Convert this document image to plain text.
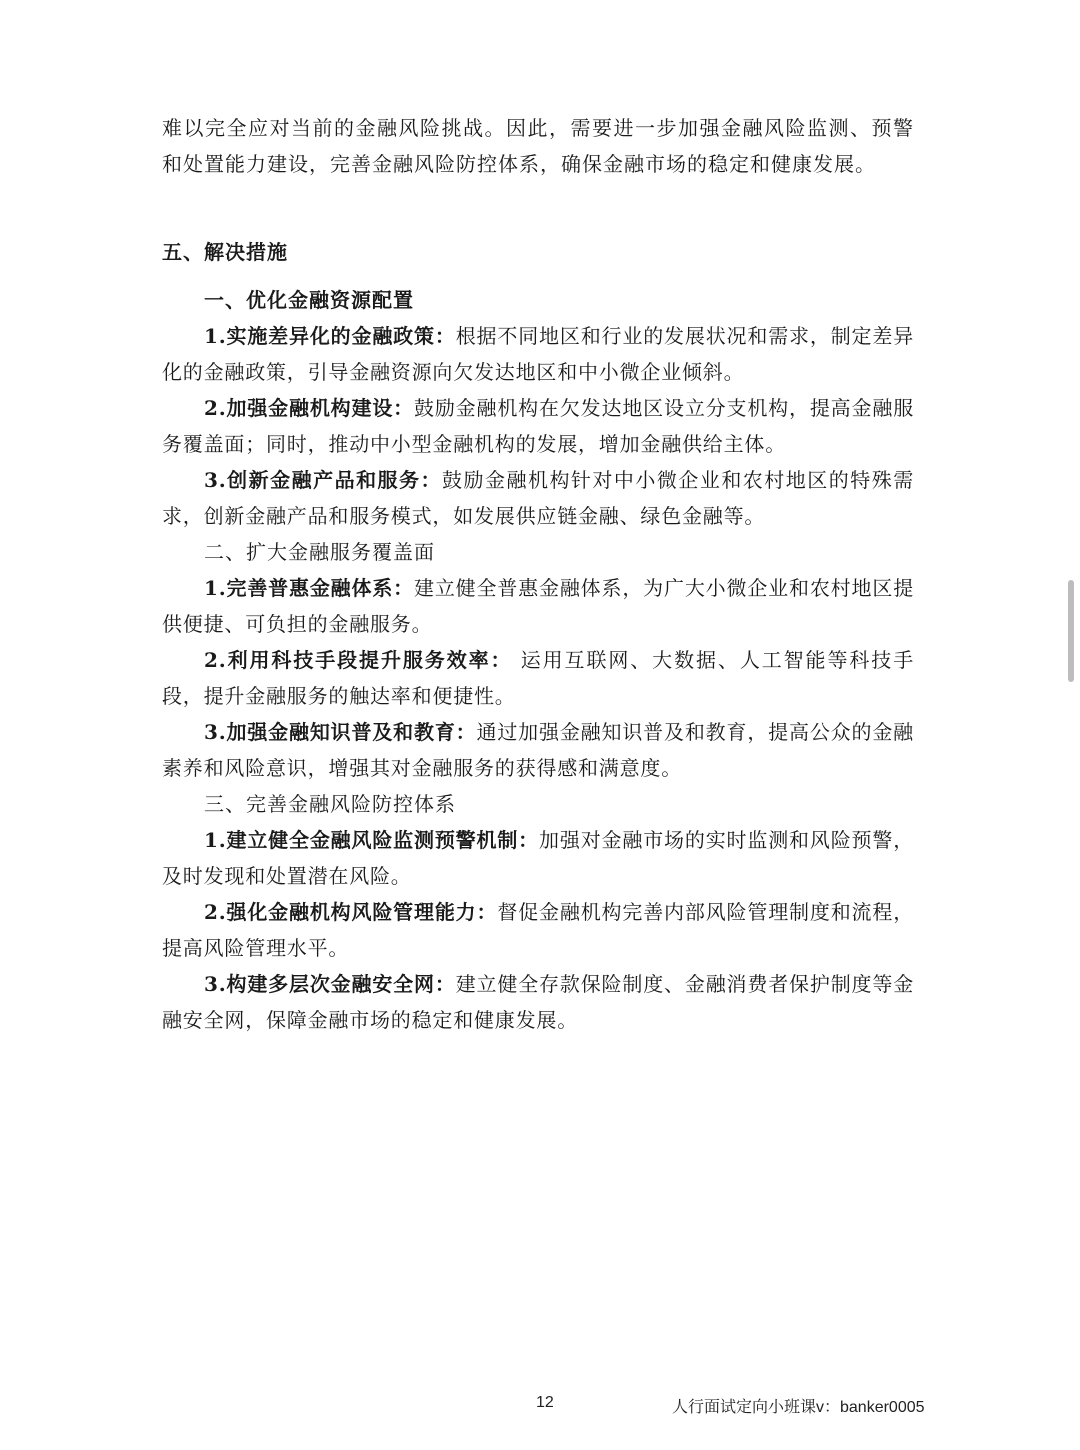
难以完全应对当前的金融风险挑战。因此，需要进一步加强金融风险监测、预警和处置能力建设，完善金融风险防控体系，确保金融市场的稳定和健康发展。

五、解决措施

一、优化金融资源配置

1.实施差异化的金融政策：根据不同地区和行业的发展状况和需求，制定差异化的金融政策，引导金融资源向欠发达地区和中小微企业倾斜。

2.加强金融机构建设：鼓励金融机构在欠发达地区设立分支机构，提高金融服务覆盖面；同时，推动中小型金融机构的发展，增加金融供给主体。

3.创新金融产品和服务：鼓励金融机构针对中小微企业和农村地区的特殊需求，创新金融产品和服务模式，如发展供应链金融、绿色金融等。

二、扩大金融服务覆盖面

1.完善普惠金融体系：建立健全普惠金融体系，为广大小微企业和农村地区提供便捷、可负担的金融服务。

2.利用科技手段提升服务效率： 运用互联网、大数据、人工智能等科技手段，提升金融服务的触达率和便捷性。

3.加强金融知识普及和教育：通过加强金融知识普及和教育，提高公众的金融素养和风险意识，增强其对金融服务的获得感和满意度。

三、完善金融风险防控体系

1.建立健全金融风险监测预警机制：加强对金融市场的实时监测和风险预警，及时发现和处置潜在风险。

2.强化金融机构风险管理能力：督促金融机构完善内部风险管理制度和流程，提高风险管理水平。

3.构建多层次金融安全网：建立健全存款保险制度、金融消费者保护制度等金融安全网，保障金融市场的稳定和健康发展。

12	人行面试定向小班课v：banker0005
